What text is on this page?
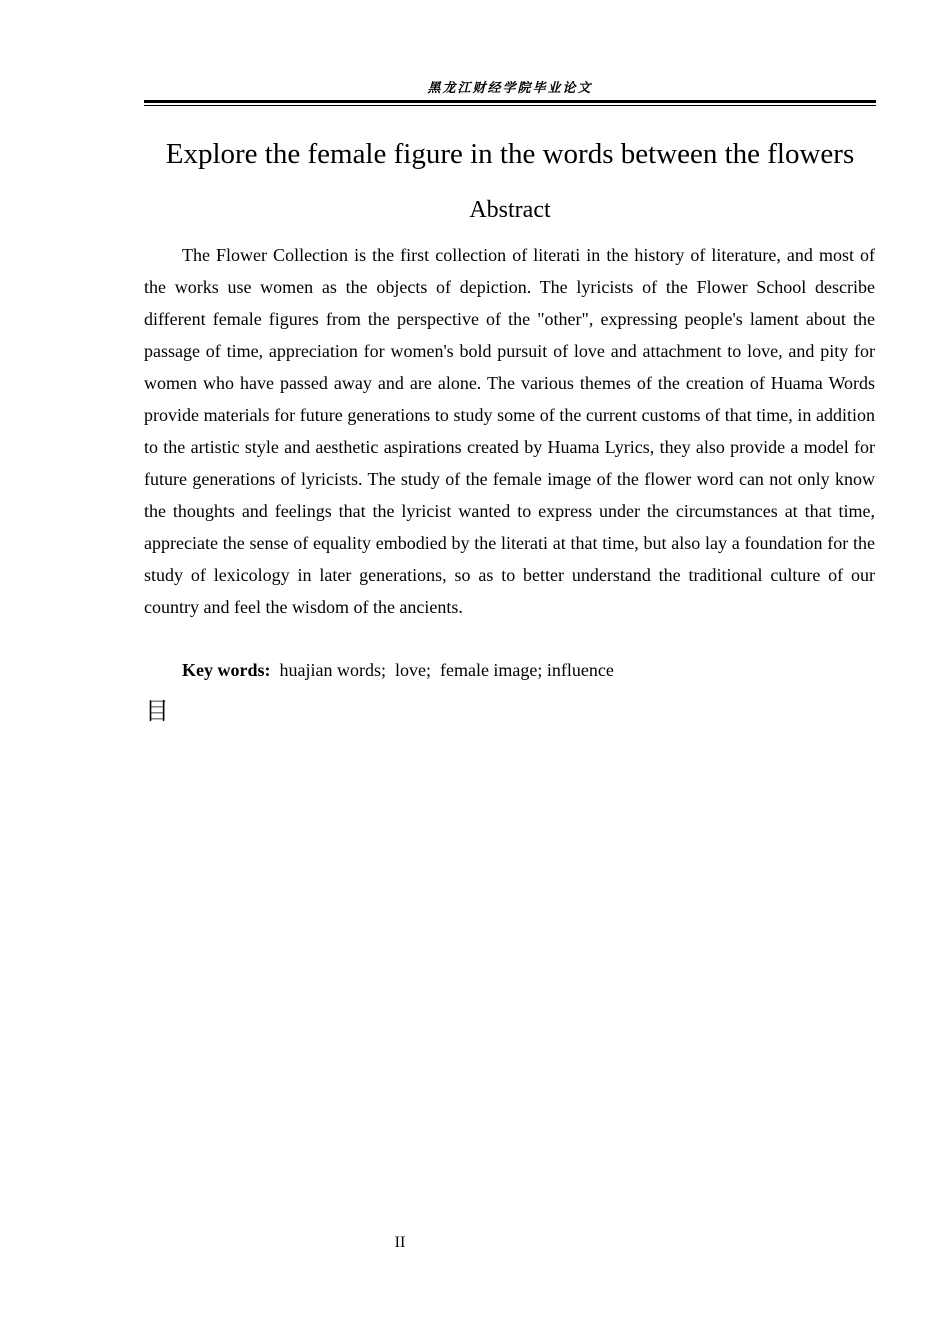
黑龙江财经学院毕业论文
Explore the female figure in the words between the flowers
Abstract

The Flower Collection is the first collection of literati in the history of literature, and most of the works use women as the objects of depiction. The lyricists of the Flower School describe different female figures from the perspective of the "other", expressing people's lament about the passage of time, appreciation for women's bold pursuit of love and attachment to love, and pity for women who have passed away and are alone. The various themes of the creation of Huama Words provide materials for future generations to study some of the current customs of that time, in addition to the artistic style and aesthetic aspirations created by Huama Lyrics, they also provide a model for future generations of lyricists. The study of the female image of the flower word can not only know the thoughts and feelings that the lyricist wanted to express under the circumstances at that time, appreciate the sense of equality embodied by the literati at that time, but also lay a foundation for the study of lexicology in later generations, so as to better understand the traditional culture of our country and feel the wisdom of the ancients.

Key words:  huajian words;  love;  female image; influence

目
II
